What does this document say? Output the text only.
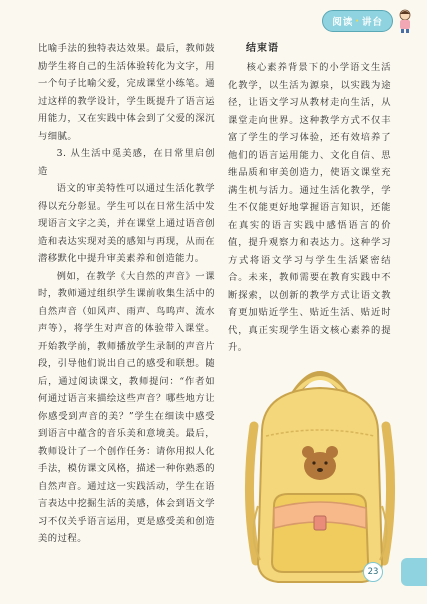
阅读 · 讲台

比喻手法的独特表达效果。最后，教师鼓励学生将自己的生活体验转化为文字，用一个句子比喻父爱，完成课堂小练笔。通过这样的教学设计，学生既提升了语言运用能力，又在实践中体会到了父爱的深沉与细腻。

3. 从生活中觅美感，在日常里启创造

语文的审美特性可以通过生活化教学得以充分彰显。学生可以在日常生活中发现语言文字之美，并在课堂上通过语音创造和表达实现对美的感知与再现，从而在潜移默化中提升审美素养和创造能力。

例如，在教学《大自然的声音》一课时，教师通过组织学生课前收集生活中的自然声音（如风声、雨声、鸟鸣声、流水声等），将学生对声音的体验带入课堂。开始教学前，教师播放学生录制的声音片段，引导他们说出自己的感受和联想。随后，通过阅读课文，教师提问：“作者如何通过语言来描绘这些声音？哪些地方让你感受到声音的美？”学生在细读中感受到语言中蕴含的音乐美和意境美。最后，教师设计了一个创作任务：请你用拟人化手法，模仿课文风格，描述一种你熟悉的自然声音。通过这一实践活动，学生在语言表达中挖掘生活的美感，体会到语文学习不仅关乎语言运用，更是感受美和创造美的过程。

结束语

核心素养背景下的小学语文生活化教学，以生活为源泉，以实践为途径，让语文学习从教材走向生活，从课堂走向世界。这种教学方式不仅丰富了学生的学习体验，还有效培养了他们的语言运用能力、文化自信、思维品质和审美创造力，使语文课堂充满生机与活力。通过生活化教学，学生不仅能更好地掌握语言知识，还能在真实的语言实践中感悟语言的价值，提升观察力和表达力。这种学习方式将语文学习与学生生活紧密结合。未来，教师需要在教育实践中不断探索，以创新的教学方式让语文教育更加贴近学生、贴近生活、贴近时代，真正实现学生语文核心素养的提升。

23
